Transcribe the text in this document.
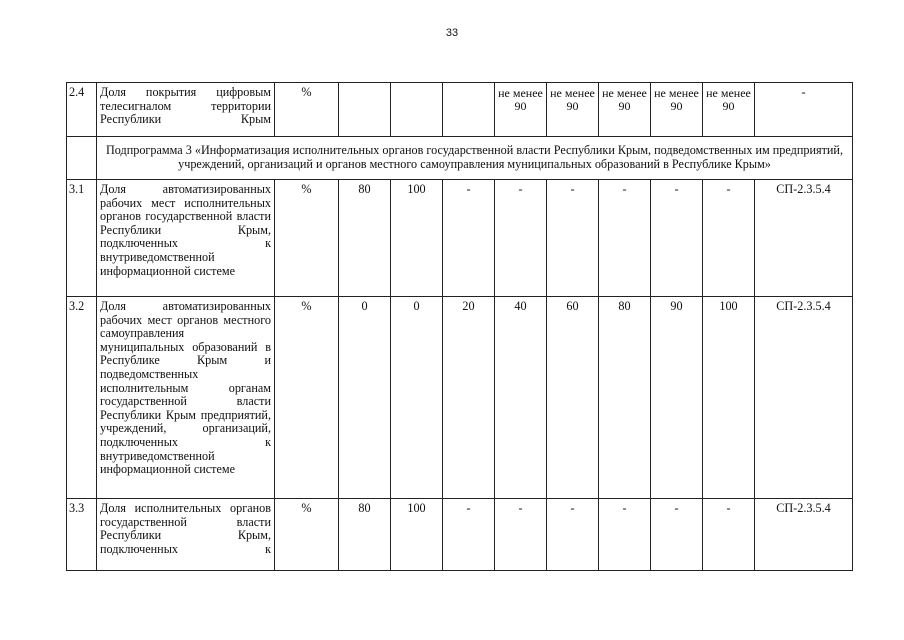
33
2.4	Доля покрытия цифровым телесигналом территории Республики Крым	%				не менее 90	не менее 90	не менее 90	не менее 90	не менее 90	-
	Подпрограмма 3 «Информатизация исполнительных органов государственной власти Республики Крым, подведомственных им предприятий, учреждений, организаций и органов местного самоуправления муниципальных образований в Республике Крым»										
3.1	Доля автоматизированных рабочих мест исполнительных органов государственной власти Республики Крым, подключенных к внутриведомственной информационной системе	%	80	100	-	-	-	-	-	-	СП-2.3.5.4
3.2	Доля автоматизированных рабочих мест органов местного самоуправления муниципальных образований в Республике Крым и подведомственных исполнительным органам государственной власти Республики Крым предприятий, учреждений, организаций, подключенных к внутриведомственной информационной системе	%	0	0	20	40	60	80	90	100	СП-2.3.5.4
3.3	Доля исполнительных органов государственной власти Республики Крым, подключенных к	%	80	100	-	-	-	-	-	-	СП-2.3.5.4
